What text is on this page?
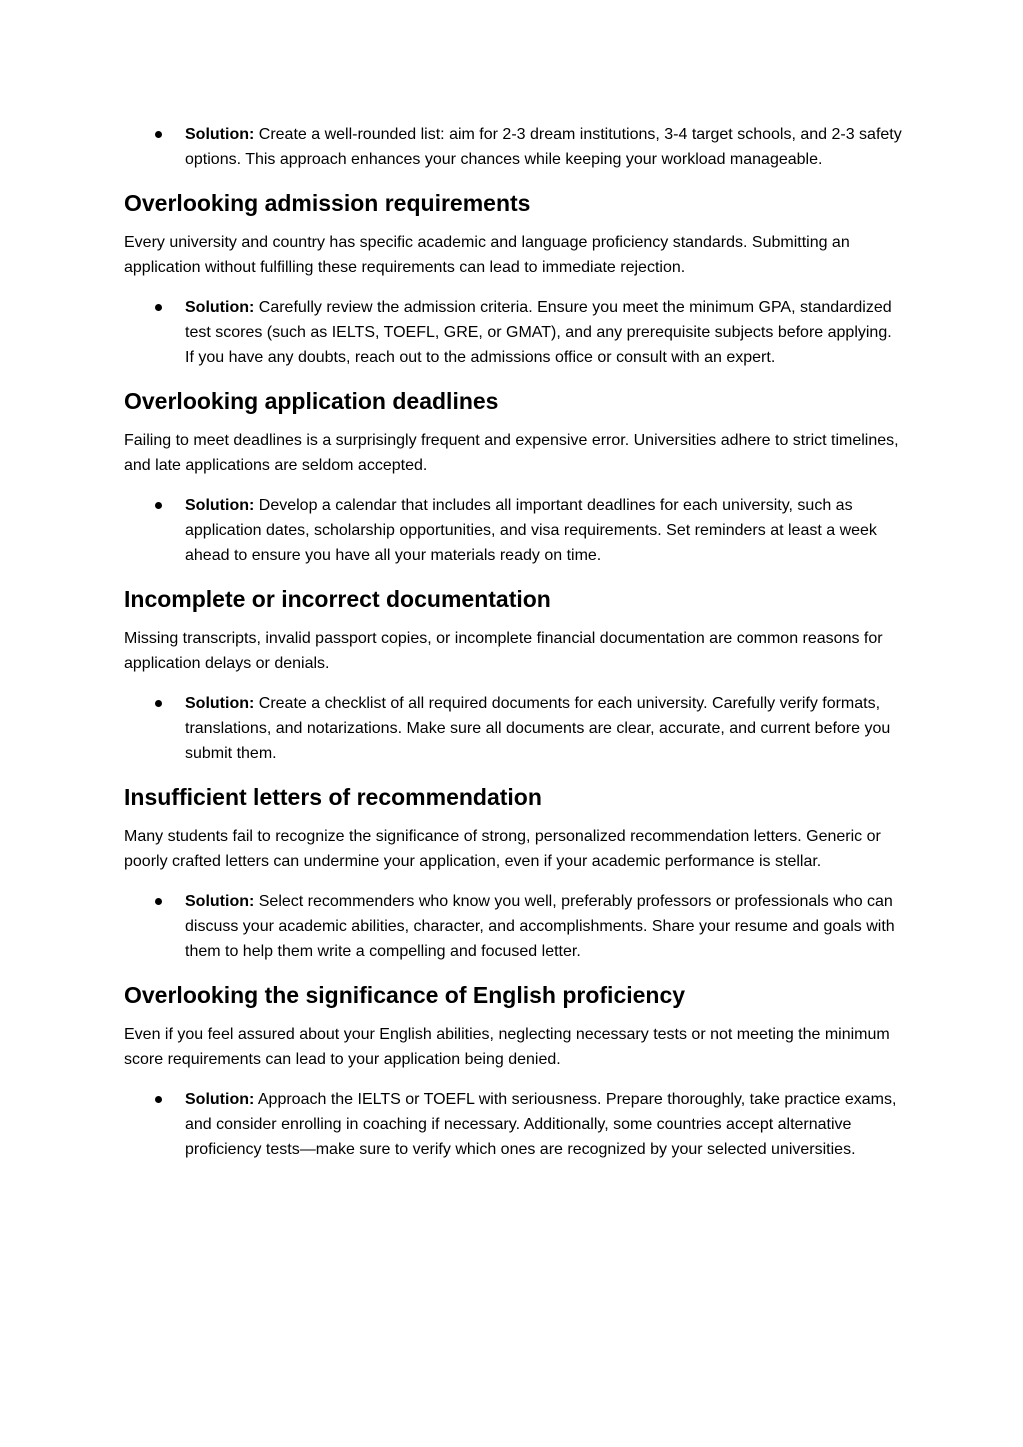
Solution: Create a well-rounded list: aim for 2-3 dream institutions, 3-4 target schools, and 2-3 safety options. This approach enhances your chances while keeping your workload manageable.
Overlooking admission requirements

Every university and country has specific academic and language proficiency standards. Submitting an application without fulfilling these requirements can lead to immediate rejection.

Solution: Carefully review the admission criteria. Ensure you meet the minimum GPA, standardized test scores (such as IELTS, TOEFL, GRE, or GMAT), and any prerequisite subjects before applying. If you have any doubts, reach out to the admissions office or consult with an expert.
Overlooking application deadlines

Failing to meet deadlines is a surprisingly frequent and expensive error. Universities adhere to strict timelines, and late applications are seldom accepted.

Solution: Develop a calendar that includes all important deadlines for each university, such as application dates, scholarship opportunities, and visa requirements. Set reminders at least a week ahead to ensure you have all your materials ready on time.
Incomplete or incorrect documentation

Missing transcripts, invalid passport copies, or incomplete financial documentation are common reasons for application delays or denials.

Solution: Create a checklist of all required documents for each university. Carefully verify formats, translations, and notarizations. Make sure all documents are clear, accurate, and current before you submit them.
Insufficient letters of recommendation

Many students fail to recognize the significance of strong, personalized recommendation letters. Generic or poorly crafted letters can undermine your application, even if your academic performance is stellar.

Solution: Select recommenders who know you well, preferably professors or professionals who can discuss your academic abilities, character, and accomplishments. Share your resume and goals with them to help them write a compelling and focused letter.
Overlooking the significance of English proficiency

Even if you feel assured about your English abilities, neglecting necessary tests or not meeting the minimum score requirements can lead to your application being denied.

Solution: Approach the IELTS or TOEFL with seriousness. Prepare thoroughly, take practice exams, and consider enrolling in coaching if necessary. Additionally, some countries accept alternative proficiency tests—make sure to verify which ones are recognized by your selected universities.
